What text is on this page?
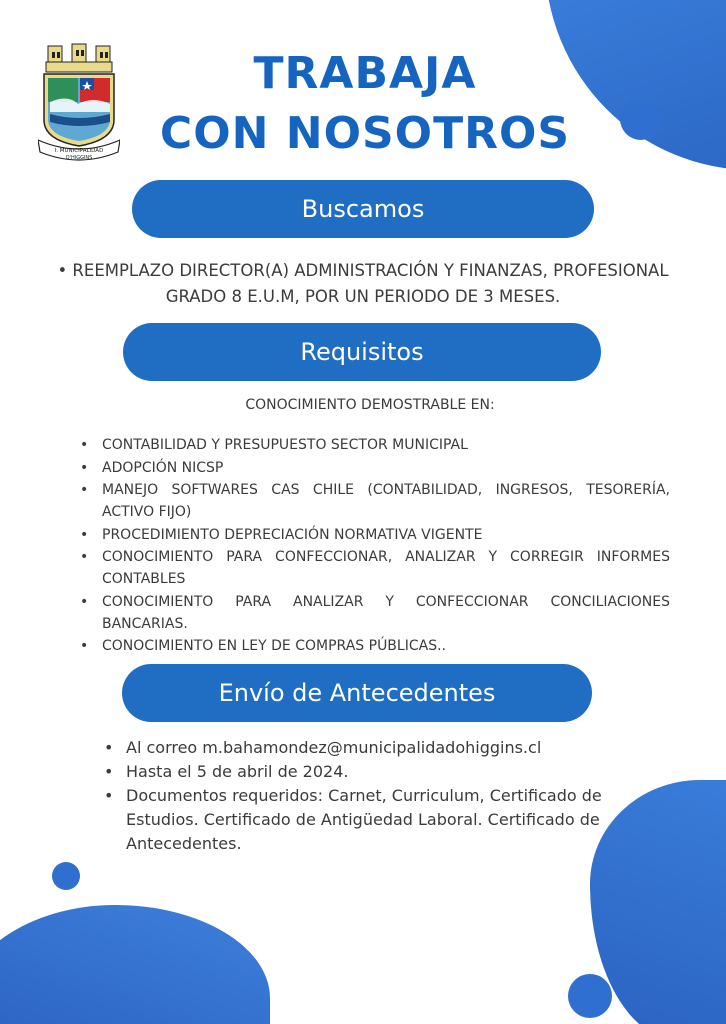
I. MUNICIPALIDAD
O'HIGGINS
TRABAJA
CON NOSOTROS
Buscamos
• REEMPLAZO DIRECTOR(A) ADMINISTRACIÓN Y FINANZAS, PROFESIONAL GRADO 8 E.U.M, POR UN PERIODO DE 3 MESES.
Requisitos
CONOCIMIENTO DEMOSTRABLE EN:
• CONTABILIDAD Y PRESUPUESTO SECTOR MUNICIPAL
• ADOPCIÓN NICSP
• MANEJO SOFTWARES CAS CHILE (CONTABILIDAD, INGRESOS, TESORERÍA, ACTIVO FIJO)
• PROCEDIMIENTO DEPRECIACIÓN NORMATIVA VIGENTE
• CONOCIMIENTO PARA CONFECCIONAR, ANALIZAR Y CORREGIR INFORMES CONTABLES
• CONOCIMIENTO PARA ANALIZAR Y CONFECCIONAR CONCILIACIONES BANCARIAS.
• CONOCIMIENTO EN LEY DE COMPRAS PÚBLICAS..
Envío de Antecedentes
• Al correo m.bahamondez@municipalidadohiggins.cl
• Hasta el 5 de abril de 2024.
• Documentos requeridos: Carnet, Curriculum, Certificado de Estudios. Certificado de Antigüedad Laboral. Certificado de Antecedentes.
